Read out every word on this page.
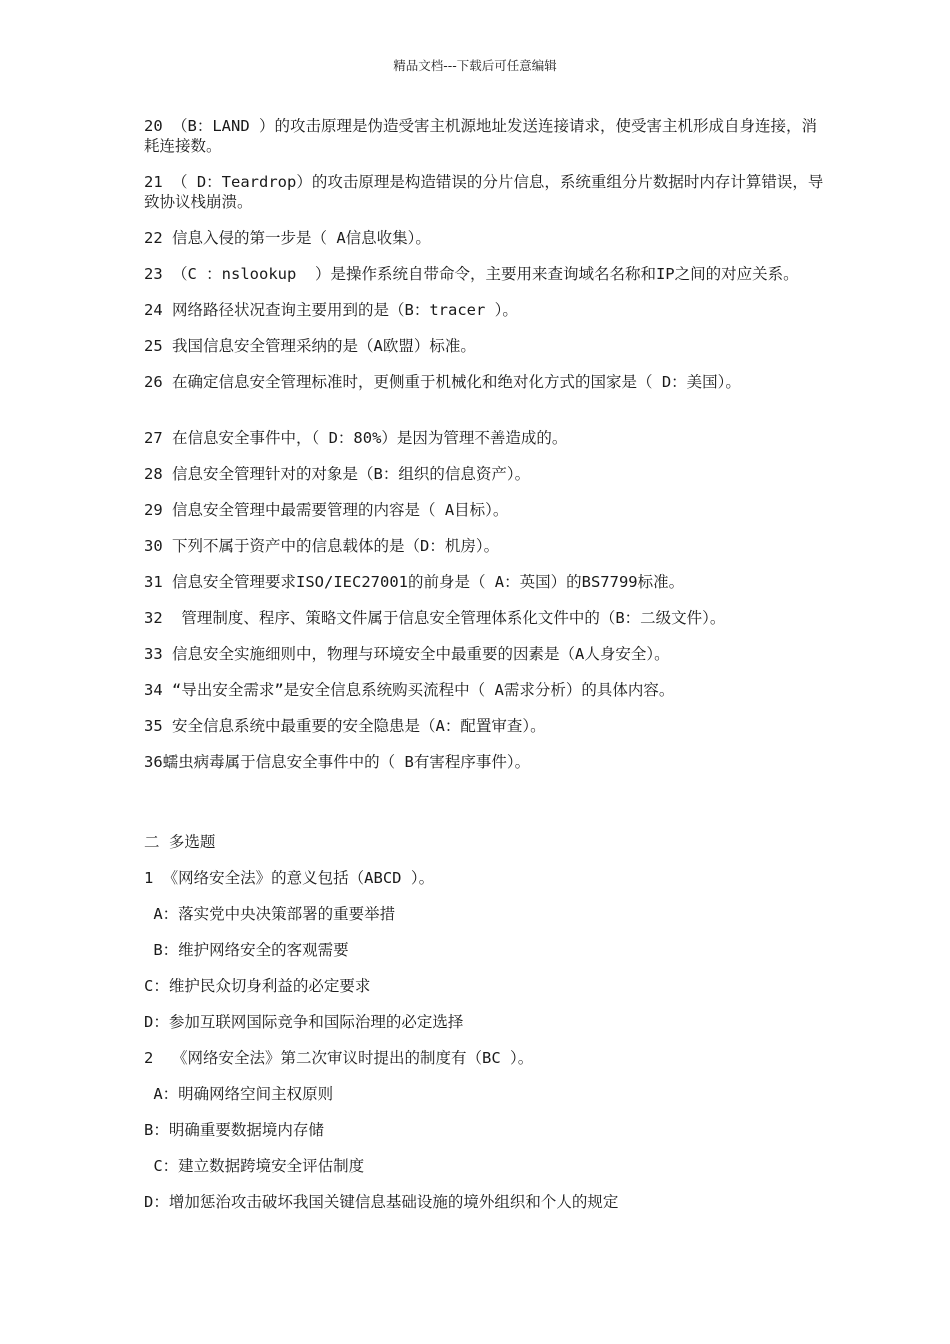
精品文档---下载后可任意编辑

20 （B：LAND ）的攻击原理是伪造受害主机源地址发送连接请求，使受害主机形成自身连接，消耗连接数。

21 （ D：Teardrop）的攻击原理是构造错误的分片信息，系统重组分片数据时内存计算错误，导致协议栈崩溃。

22 信息入侵的第一步是（ A信息收集）。

23 （C ：nslookup  ）是操作系统自带命令，主要用来查询域名名称和IP之间的对应关系。

24 网络路径状况查询主要用到的是（B：tracer ）。

25 我国信息安全管理采纳的是（A欧盟）标准。

26 在确定信息安全管理标准时，更侧重于机械化和绝对化方式的国家是（ D：美国）。

27 在信息安全事件中，（ D：80%）是因为管理不善造成的。

28 信息安全管理针对的对象是（B：组织的信息资产）。

29 信息安全管理中最需要管理的内容是（ A目标）。

30 下列不属于资产中的信息载体的是（D：机房）。

31 信息安全管理要求ISO/IEC27001的前身是（ A：英国）的BS7799标准。

32  管理制度、程序、策略文件属于信息安全管理体系化文件中的（B：二级文件）。

33 信息安全实施细则中，物理与环境安全中最重要的因素是（A人身安全）。

34 “导出安全需求”是安全信息系统购买流程中（ A需求分析）的具体内容。

35 安全信息系统中最重要的安全隐患是（A：配置审查）。

36蠕虫病毒属于信息安全事件中的（ B有害程序事件）。

二 多选题

1 《网络安全法》的意义包括（ABCD ）。

A：落实党中央决策部署的重要举措

B：维护网络安全的客观需要

C：维护民众切身利益的必定要求

D：参加互联网国际竞争和国际治理的必定选择

2  《网络安全法》第二次审议时提出的制度有（BC ）。

A：明确网络空间主权原则

B：明确重要数据境内存储

C：建立数据跨境安全评估制度

D：增加惩治攻击破坏我国关键信息基础设施的境外组织和个人的规定
